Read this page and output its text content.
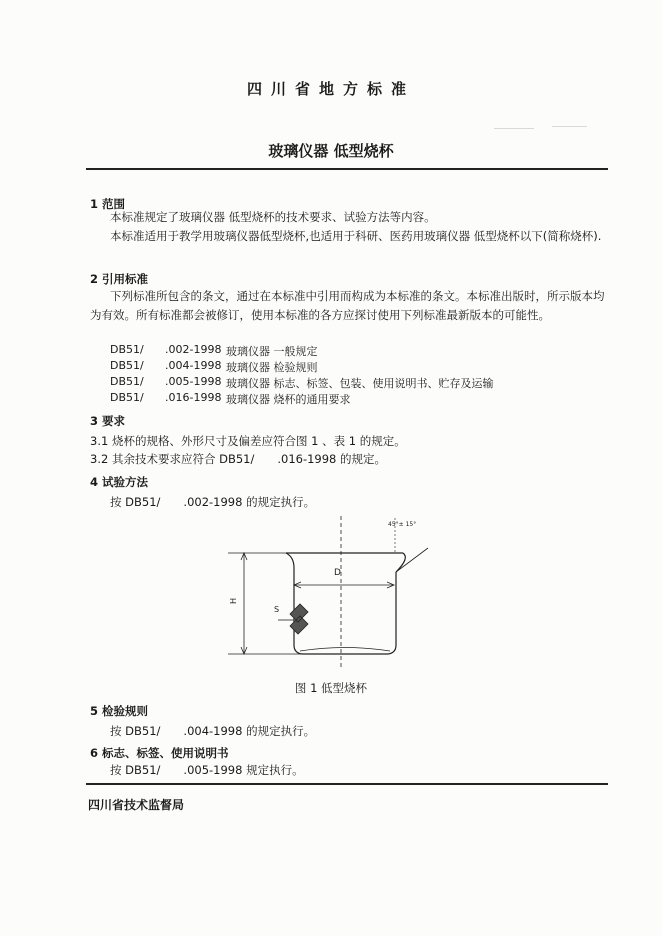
四川省地方标准
玻璃仪器 低型烧杯
1 范围
本标准规定了玻璃仪器 低型烧杯的技术要求、试验方法等内容。
本标准适用于教学用玻璃仪器低型烧杯,也适用于科研、医药用玻璃仪器 低型烧杯以下(简称烧杯).
2 引用标准
下列标准所包含的条文，通过在本标准中引用而构成为本标准的条文。本标准出版时，所示版本均为有效。所有标准都会被修订，使用本标准的各方应探讨使用下列标准最新版本的可能性。
DB51/ .002-1998 玻璃仪器 一般规定
DB51/ .004-1998 玻璃仪器 检验规则
DB51/ .005-1998 玻璃仪器 标志、标签、包装、使用说明书、贮存及运输
DB51/ .016-1998 玻璃仪器 烧杯的通用要求
3 要求
3.1 烧杯的规格、外形尺寸及偏差应符合图 1 、表 1 的规定。
3.2 其余技术要求应符合 DB51/　　.016-1998 的规定。
4 试验方法
按 DB51/　　.002-1998 的规定执行。
45°± 15°
D
H
S
图 1 低型烧杯
5 检验规则
按 DB51/　　.004-1998 的规定执行。
6 标志、标签、使用说明书
按 DB51/　　.005-1998 规定执行。
四川省技术监督局
